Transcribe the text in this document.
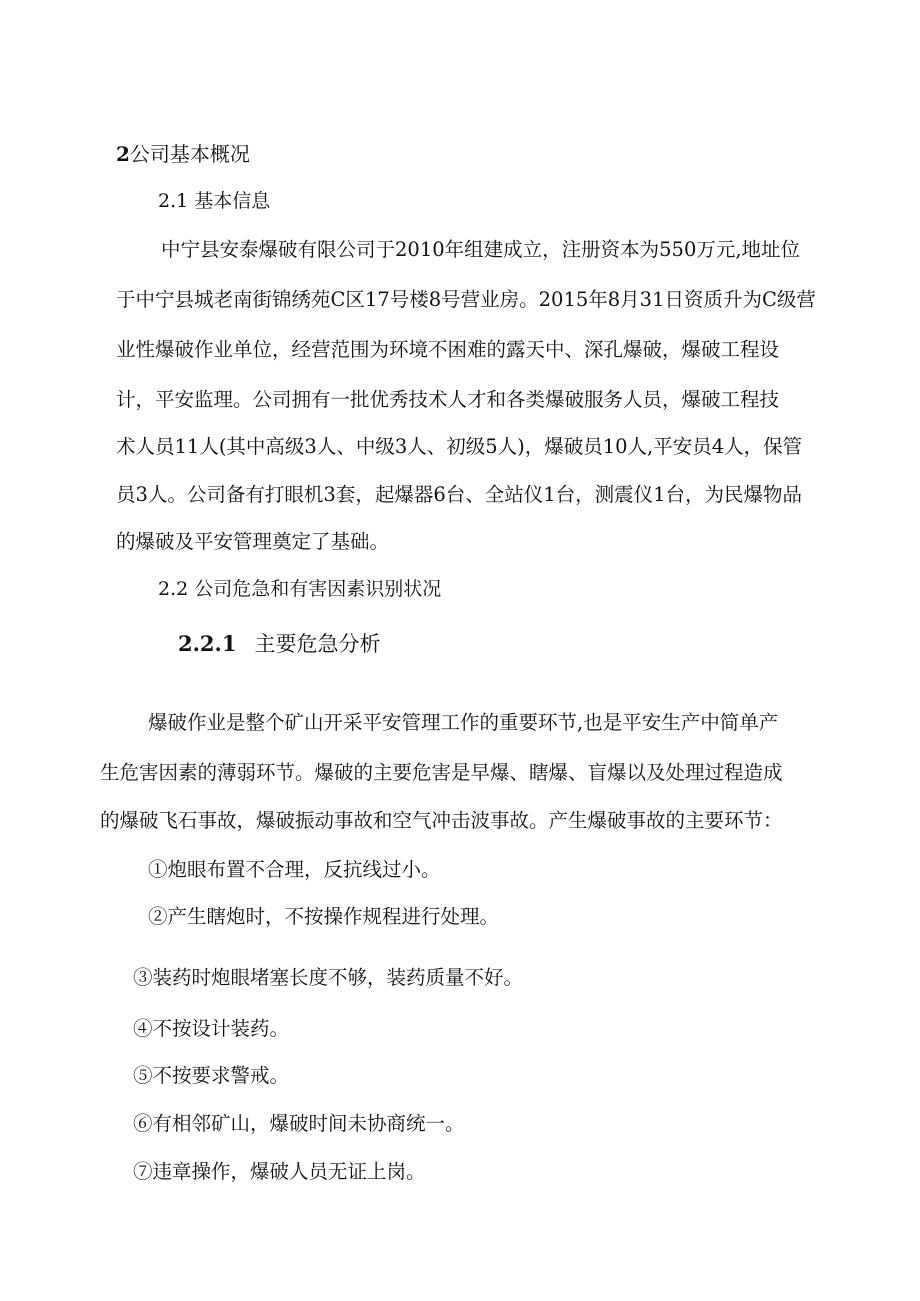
2公司基本概况
2.1 基本信息
中宁县安泰爆破有限公司于2010年组建成立，注册资本为550万元,地址位
于中宁县城老南街锦绣苑C区17号楼8号营业房。2015年8月31日资质升为C级营
业性爆破作业单位，经营范围为环境不困难的露天中、深孔爆破，爆破工程设
计，平安监理。公司拥有一批优秀技术人才和各类爆破服务人员，爆破工程技
术人员11人(其中高级3人、中级3人、初级5人)，爆破员10人,平安员4人，保管
员3人。公司备有打眼机3套，起爆器6台、全站仪1台，测震仪1台，为民爆物品
的爆破及平安管理奠定了基础。
2.2 公司危急和有害因素识别状况
2.2.1 主要危急分析
爆破作业是整个矿山开采平安管理工作的重要环节,也是平安生产中简单产
生危害因素的薄弱环节。爆破的主要危害是早爆、瞎爆、盲爆以及处理过程造成
的爆破飞石事故，爆破振动事故和空气冲击波事故。产生爆破事故的主要环节：
①炮眼布置不合理，反抗线过小。
②产生瞎炮时，不按操作规程进行处理。
③装药时炮眼堵塞长度不够，装药质量不好。
④不按设计装药。
⑤不按要求警戒。
⑥有相邻矿山，爆破时间未协商统一。
⑦违章操作，爆破人员无证上岗。
